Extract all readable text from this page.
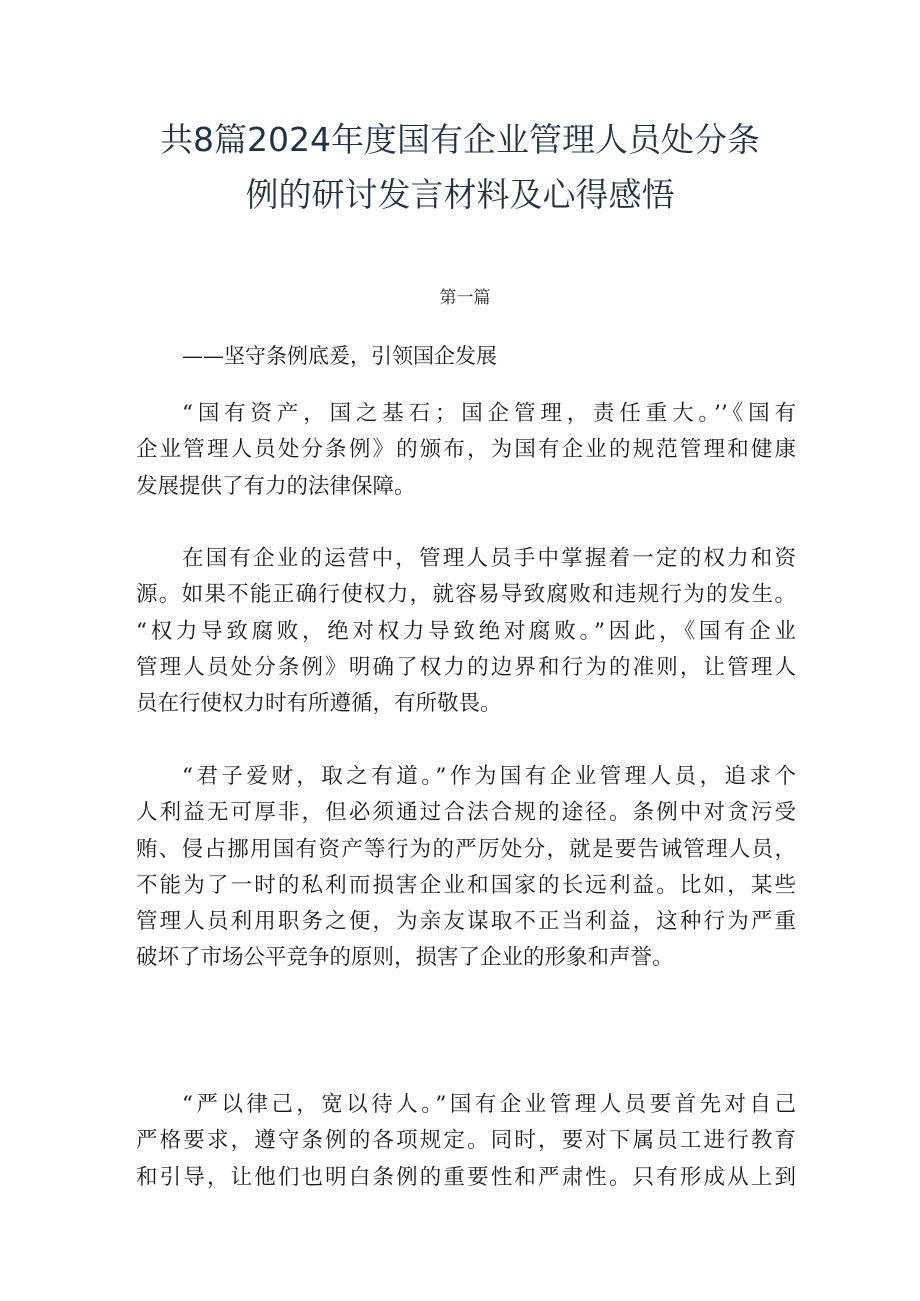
共8篇2024年度国有企业管理人员处分条
例的研讨发言材料及心得感悟
第一篇
——坚守条例底爰，引领国企发展

“国有资产，国之基石；国企管理，责任重大。’’《国有
企业管理人员处分条例》的颁布，为国有企业的规范管理和健康
发展提供了有力的法律保障。

在国有企业的运营中，管理人员手中掌握着一定的权力和资
源。如果不能正确行使权力，就容易导致腐败和违规行为的发生。
“权力导致腐败，绝对权力导致绝对腐败。”因此，《国有企业
管理人员处分条例》明确了权力的边界和行为的准则，让管理人
员在行使权力时有所遵循，有所敬畏。

“君子爱财，取之有道。”作为国有企业管理人员，追求个
人利益无可厚非，但必须通过合法合规的途径。条例中对贪污受
贿、侵占挪用国有资产等行为的严厉处分，就是要告诫管理人员，
不能为了一时的私利而损害企业和国家的长远利益。比如，某些
管理人员利用职务之便，为亲友谋取不正当利益，这种行为严重
破坏了市场公平竞争的原则，损害了企业的形象和声誉。

“严以律己，宽以待人。”国有企业管理人员要首先对自己
严格要求，遵守条例的各项规定。同时，要对下属员工进行教育
和引导，让他们也明白条例的重要性和严肃性。只有形成从上到
